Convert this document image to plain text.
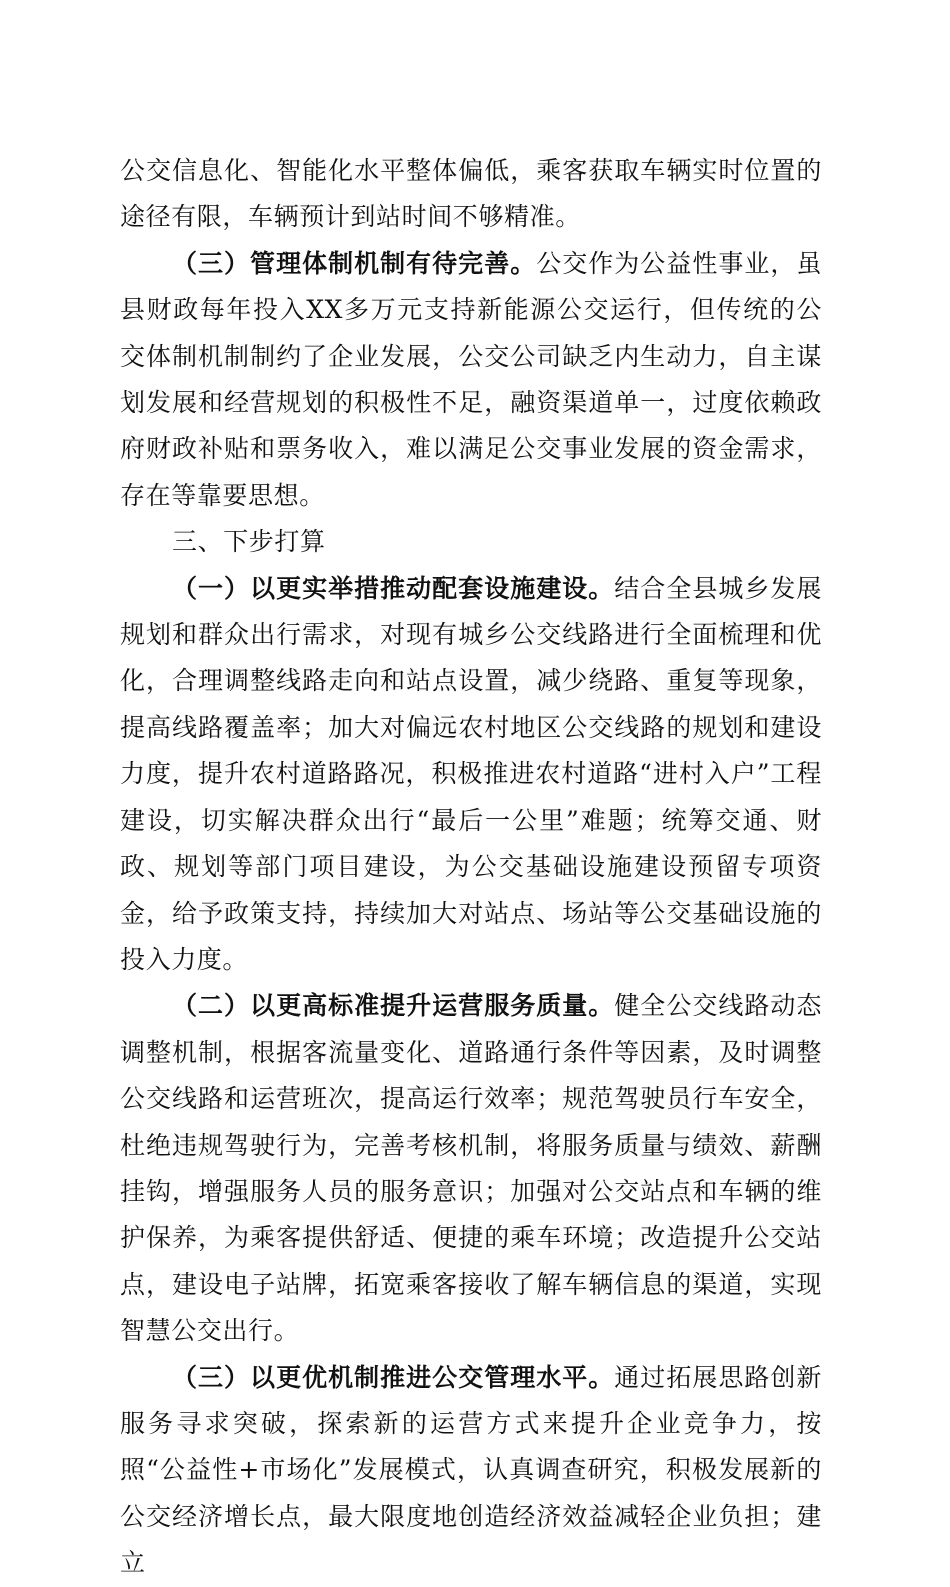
公交信息化、智能化水平整体偏低，乘客获取车辆实时位置的途径有限，车辆预计到站时间不够精准。

（三）管理体制机制有待完善。公交作为公益性事业，虽县财政每年投入XX多万元支持新能源公交运行，但传统的公交体制机制制约了企业发展，公交公司缺乏内生动力，自主谋划发展和经营规划的积极性不足，融资渠道单一，过度依赖政府财政补贴和票务收入，难以满足公交事业发展的资金需求，存在等靠要思想。

三、下步打算

（一）以更实举措推动配套设施建设。结合全县城乡发展规划和群众出行需求，对现有城乡公交线路进行全面梳理和优化，合理调整线路走向和站点设置，减少绕路、重复等现象，提高线路覆盖率；加大对偏远农村地区公交线路的规划和建设力度，提升农村道路路况，积极推进农村道路“进村入户”工程建设，切实解决群众出行“最后一公里”难题；统筹交通、财政、规划等部门项目建设，为公交基础设施建设预留专项资金，给予政策支持，持续加大对站点、场站等公交基础设施的投入力度。

（二）以更高标准提升运营服务质量。健全公交线路动态调整机制，根据客流量变化、道路通行条件等因素，及时调整公交线路和运营班次，提高运行效率；规范驾驶员行车安全，杜绝违规驾驶行为，完善考核机制，将服务质量与绩效、薪酬挂钩，增强服务人员的服务意识；加强对公交站点和车辆的维护保养，为乘客提供舒适、便捷的乘车环境；改造提升公交站点，建设电子站牌，拓宽乘客接收了解车辆信息的渠道，实现智慧公交出行。

（三）以更优机制推进公交管理水平。通过拓展思路创新服务寻求突破，探索新的运营方式来提升企业竞争力，按照“公益性+市场化”发展模式，认真调查研究，积极发展新的公交经济增长点，最大限度地创造经济效益减轻企业负担；建立
